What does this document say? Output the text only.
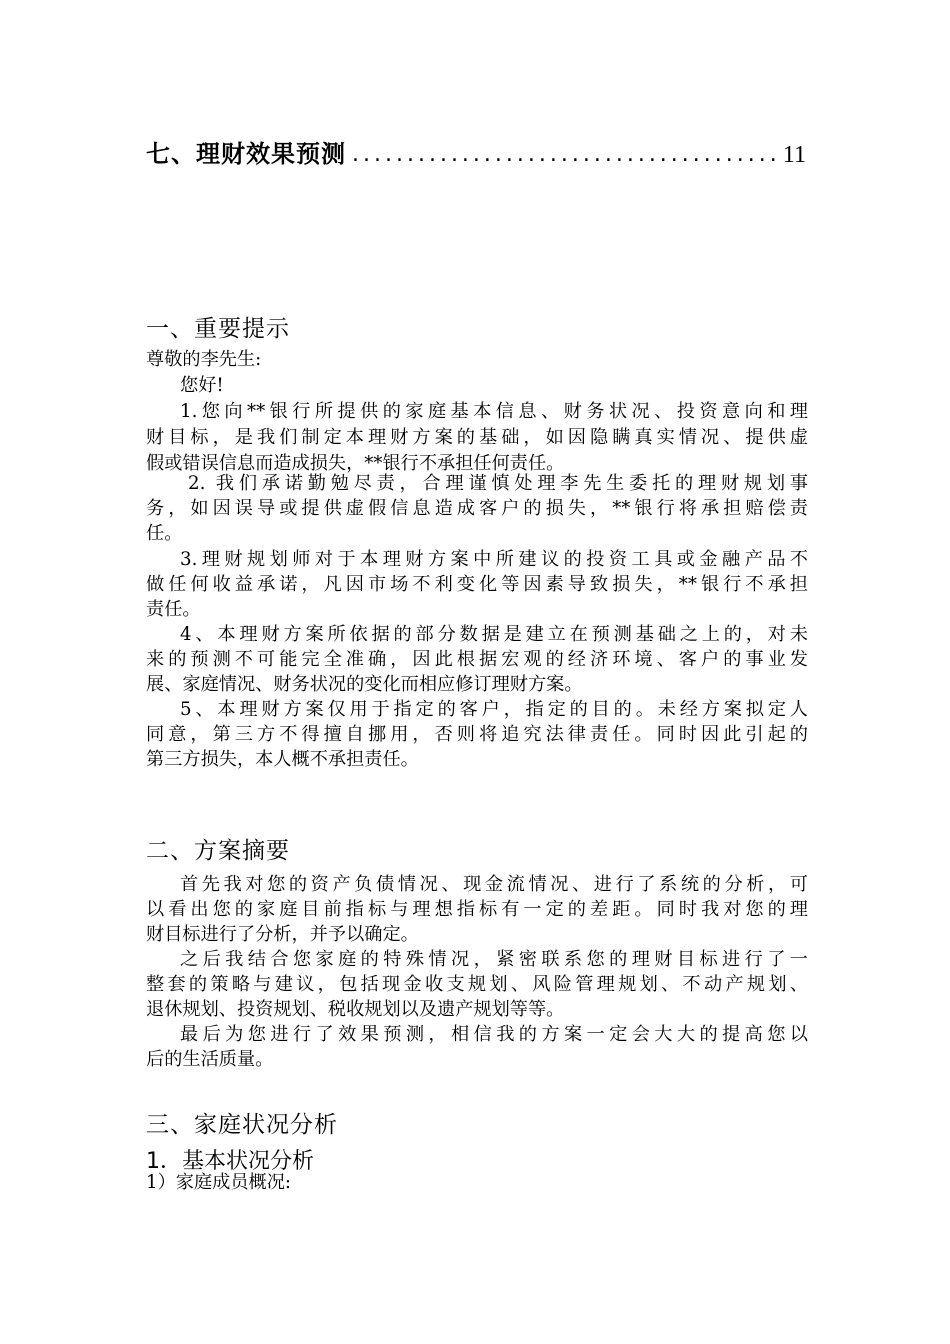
七、理财效果预测
.....	11
一、重要提示
尊敬的李先生:
您好!
1.您向**银行所提供的家庭基本信息、财务状况、投资意向和理
财目标，是我们制定本理财方案的基础，如因隐瞒真实情况、提供虚
假或错误信息而造成损失，**银行不承担任何责任。
2. 我们承诺勤勉尽责，合理谨慎处理李先生委托的理财规划事
务，如因误导或提供虚假信息造成客户的损失，**银行将承担赔偿责
任。
3.理财规划师对于本理财方案中所建议的投资工具或金融产品不
做任何收益承诺，凡因市场不利变化等因素导致损失，**银行不承担
责任。
4、本理财方案所依据的部分数据是建立在预测基础之上的，对未
来的预测不可能完全准确，因此根据宏观的经济环境、客户的事业发
展、家庭情况、财务状况的变化而相应修订理财方案。
5、本理财方案仅用于指定的客户，指定的目的。未经方案拟定人
同意，第三方不得擅自挪用，否则将追究法律责任。同时因此引起的
第三方损失，本人概不承担责任。
二、方案摘要
首先我对您的资产负债情况、现金流情况、进行了系统的分析，可
以看出您的家庭目前指标与理想指标有一定的差距。同时我对您的理
财目标进行了分析，并予以确定。
之后我结合您家庭的特殊情况，紧密联系您的理财目标进行了一
整套的策略与建议，包括现金收支规划、风险管理规划、不动产规划、
退休规划、投资规划、税收规划以及遗产规划等等。
最后为您进行了效果预测，相信我的方案一定会大大的提高您以
后的生活质量。
三、家庭状况分析
1．基本状况分析
1）家庭成员概况:
